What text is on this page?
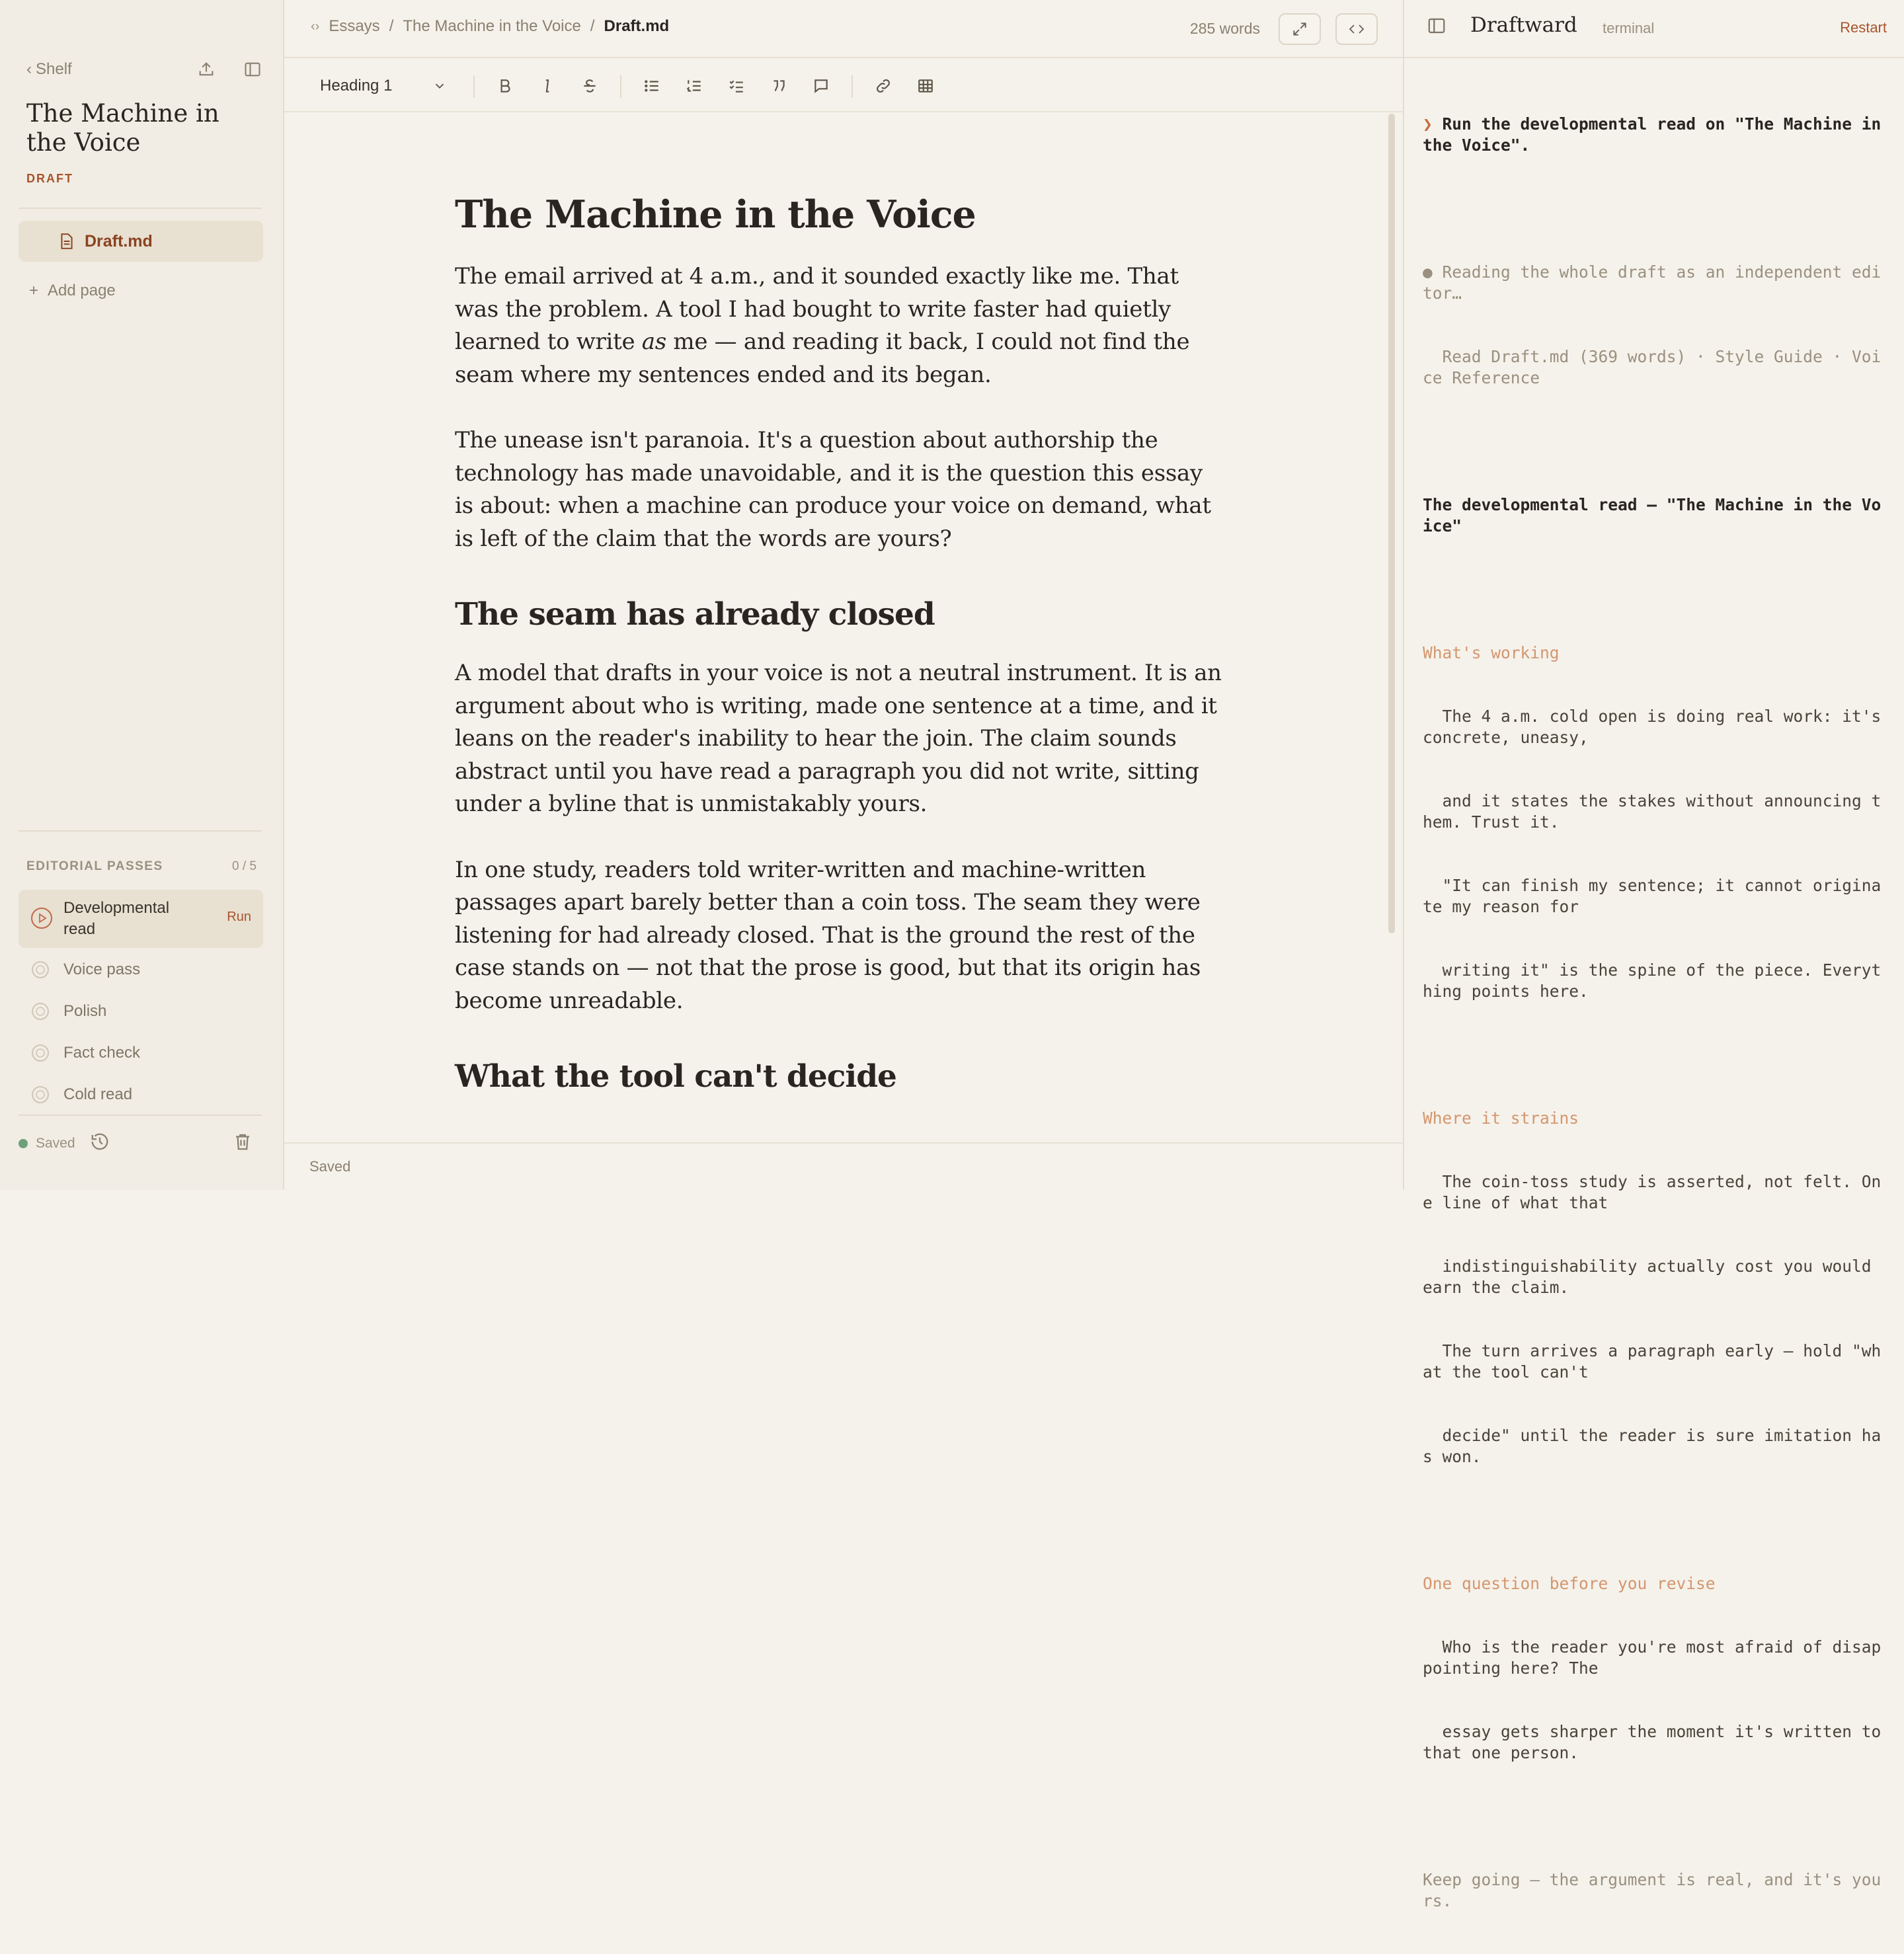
‹ Shelf
The Machine in the Voice
DRAFT
Draft.md
+ Add page
EDITORIAL PASSES	0 / 5
Developmental read
Run
Voice pass
Polish
Fact check
Cold read
Saved
‹› Essays / The Machine in the Voice / Draft.md	285 words
Heading 1
The Machine in the Voice

The email arrived at 4 a.m., and it sounded exactly like me. That was the problem. A tool I had bought to write faster had quietly learned to write as me — and reading it back, I could not find the seam where my sentences ended and its began.

The unease isn't paranoia. It's a question about authorship the technology has made unavoidable, and it is the question this essay is about: when a machine can produce your voice on demand, what is left of the claim that the words are yours?

The seam has already closed

A model that drafts in your voice is not a neutral instrument. It is an argument about who is writing, made one sentence at a time, and it leans on the reader's inability to hear the join. The claim sounds abstract until you have read a paragraph you did not write, sitting under a byline that is unmistakably yours.

In one study, readers told writer-written and machine-written passages apart barely better than a coin toss. The seam they were listening for had already closed. That is the ground the rest of the case stands on — not that the prose is good, but that its origin has become unreadable.

What the tool can't decide
Saved
Draftward terminal	Restart

❯ Run the developmental read on "The Machine in the Voice".

● Reading the whole draft as an independent editor…

Read Draft.md (369 words) · Style Guide · Voice Reference

The developmental read — "The Machine in the Voice"

What's working

The 4 a.m. cold open is doing real work: it's concrete, uneasy,

and it states the stakes without announcing them. Trust it.

"It can finish my sentence; it cannot originate my reason for

writing it" is the spine of the piece. Everything points here.

Where it strains

The coin-toss study is asserted, not felt. One line of what that

indistinguishability actually cost you would earn the claim.

The turn arrives a paragraph early — hold "what the tool can't

decide" until the reader is sure imitation has won.

One question before you revise

Who is the reader you're most afraid of disappointing here? The

essay gets sharper the moment it's written to that one person.

Keep going — the argument is real, and it's yours.
